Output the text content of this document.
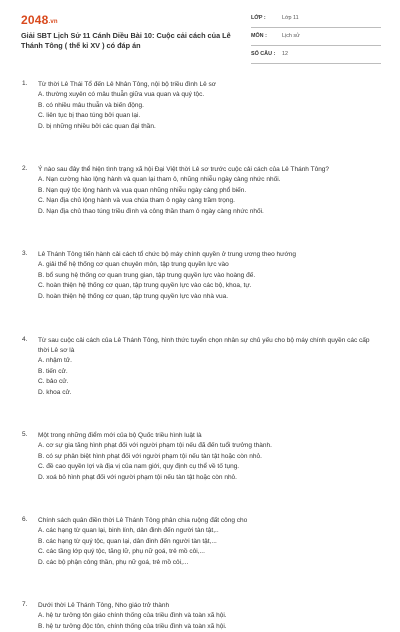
2048.vn
Giải SBT Lịch Sử 11 Cánh Diều Bài 10: Cuộc cải cách của Lê Thánh Tông ( thế kỉ XV ) có đáp án
LỚP :	Lớp 11
MÔN :	Lịch sử
SỐ CÂU : 12
1. Từ thời Lê Thái Tổ đến Lê Nhân Tông, nội bộ triều đình Lê sơ
A. thường xuyên có mâu thuẫn giữa vua quan và quý tộc.
B. có nhiều mâu thuẫn và biến động.
C. liên tục bị thao túng bởi quan lại.
D. bị những nhiều bởi các quan đại thần.
2. Ý nào sau đây thể hiện tình trạng xã hội Đại Việt thời Lê sơ trước cuộc cải cách của Lê Thánh Tông?
A. Nạn cường hào lộng hành và quan lại tham ô, nhũng nhiễu ngày càng nhức nhối.
B. Nạn quý tộc lộng hành và vua quan nhũng nhiễu ngày càng phổ biến.
C. Nạn địa chủ lộng hành và vua chúa tham ô ngày càng trầm trọng.
D. Nạn địa chủ thao túng triều đình và công thần tham ô ngày càng nhức nhối.
3. Lê Thánh Tông tiến hành cải cách tổ chức bộ máy chính quyền ở trung ương theo hướng
A. giải thể hệ thống cơ quan chuyên môn, tập trung quyền lực vào
B. bổ sung hệ thống cơ quan trung gian, tập trung quyền lực vào hoàng đế.
C. hoàn thiện hệ thống cơ quan, tập trung quyền lực vào các bộ, khoa, tự.
D. hoàn thiện hệ thống cơ quan, tập trung quyền lực vào nhà vua.
4. Từ sau cuộc cải cách của Lê Thánh Tông, hình thức tuyển chọn nhân sự chủ yếu cho bộ máy chính quyền các cấp thời Lê sơ là
A. nhậm tử.
B. tiến cử.
C. bảo cử.
D. khoa cử.
5. Một trong những điểm mới của bộ Quốc triều hình luật là
A. cơ sự gia tăng hình phạt đối với người phạm tội nếu đã đến tuổi trưởng thành.
B. có sự phân biệt hình phạt đối với người phạm tội nếu tàn tật hoặc còn nhỏ.
C. đề cao quyền lợi và địa vị của nam giới, quy định cụ thể về tố tụng.
D. xoá bỏ hình phạt đối với người phạm tội nếu tàn tật hoặc còn nhỏ.
6. Chính sách quân điền thời Lê Thánh Tông phân chia ruộng đất công cho
A. các hạng từ quan lại, binh lính, dân đinh đến người tàn tật,..
B. các hạng từ quý tộc, quan lại, dân đinh đến người tàn tật,...
C. các tầng lớp quý tộc, tăng lữ, phụ nữ goá, trẻ mồ côi,...
D. các bộ phận công thần, phụ nữ goá, trẻ mồ côi,...
7. Dưới thời Lê Thánh Tông, Nho giáo trở thành
A. hệ tư tưởng tôn giáo chính thống của triều đình và toàn xã hội.
B. hệ tư tưởng độc tôn, chính thống của triều đình và toàn xã hội.
